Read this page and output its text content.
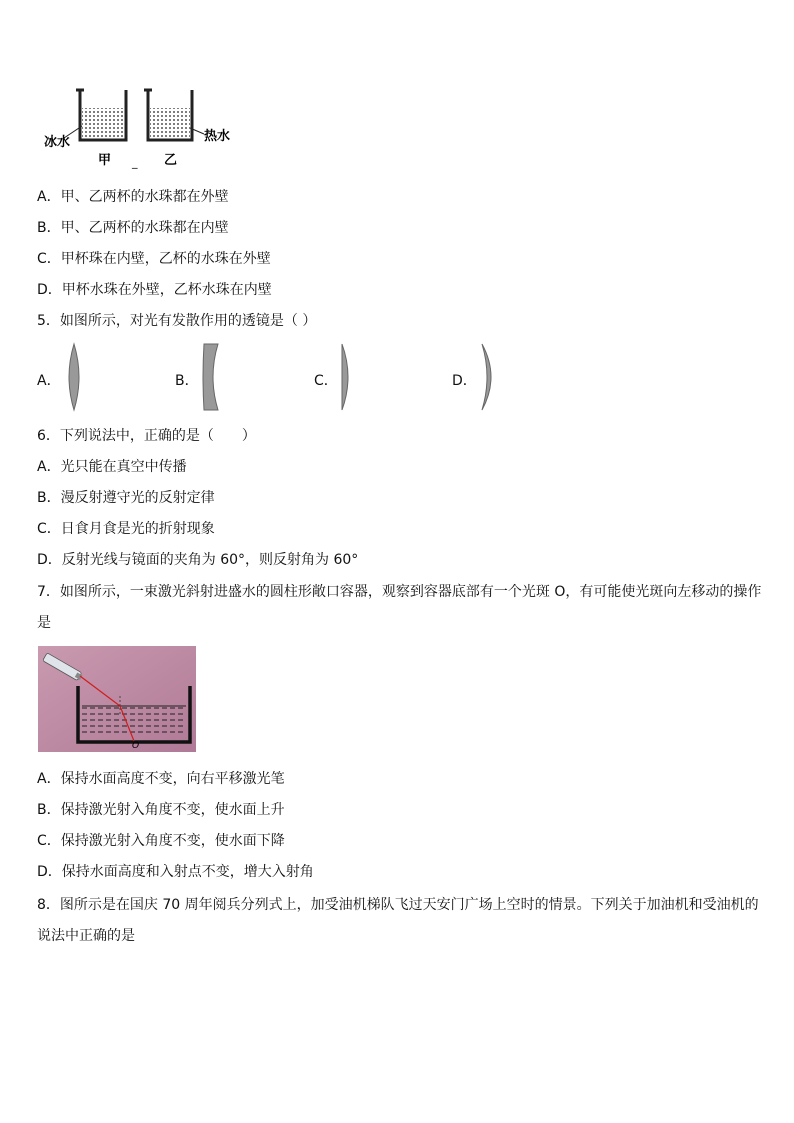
冰水	热水
甲 _ 乙
A．甲、乙两杯的水珠都在外壁
B．甲、乙两杯的水珠都在内壁
C．甲杯珠在内壁，乙杯的水珠在外壁
D．甲杯水珠在外壁，乙杯水珠在内壁
5．如图所示，对光有发散作用的透镜是（ ）
A．	B．	C．	D．
6．下列说法中，正确的是（　　）
A．光只能在真空中传播
B．漫反射遵守光的反射定律
C．日食月食是光的折射现象
D．反射光线与镜面的夹角为 60°，则反射角为 60°
7．如图所示，一束激光斜射进盛水的圆柱形敞口容器，观察到容器底部有一个光斑 O，有可能使光斑向左移动的操作
是
O
A．保持水面高度不变，向右平移激光笔
B．保持激光射入角度不变，使水面上升
C．保持激光射入角度不变，使水面下降
D．保持水面高度和入射点不变，增大入射角
8．图所示是在国庆 70 周年阅兵分列式上，加受油机梯队飞过天安门广场上空时的情景。下列关于加油机和受油机的
说法中正确的是
